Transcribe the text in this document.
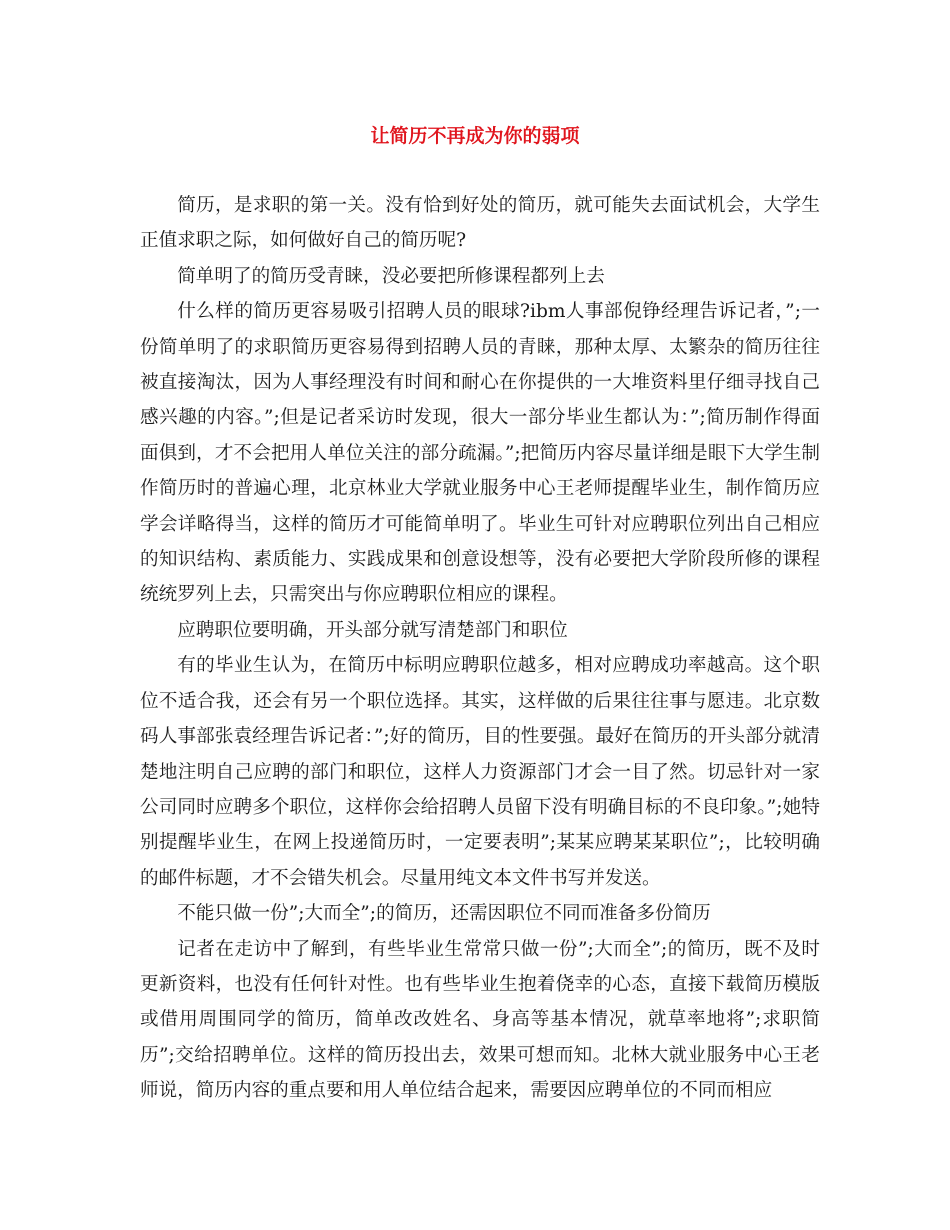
让简历不再成为你的弱项

简历，是求职的第一关。没有恰到好处的简历，就可能失去面试机会，大学生正值求职之际，如何做好自己的简历呢?

简单明了的简历受青睐，没必要把所修课程都列上去

什么样的简历更容易吸引招聘人员的眼球?ibm人事部倪铮经理告诉记者，”;一份简单明了的求职简历更容易得到招聘人员的青睐，那种太厚、太繁杂的简历往往被直接淘汰，因为人事经理没有时间和耐心在你提供的一大堆资料里仔细寻找自己感兴趣的内容。”;但是记者采访时发现，很大一部分毕业生都认为：”;简历制作得面面俱到，才不会把用人单位关注的部分疏漏。”;把简历内容尽量详细是眼下大学生制作简历时的普遍心理，北京林业大学就业服务中心王老师提醒毕业生，制作简历应学会详略得当，这样的简历才可能简单明了。毕业生可针对应聘职位列出自己相应的知识结构、素质能力、实践成果和创意设想等，没有必要把大学阶段所修的课程统统罗列上去，只需突出与你应聘职位相应的课程。

应聘职位要明确，开头部分就写清楚部门和职位

有的毕业生认为，在简历中标明应聘职位越多，相对应聘成功率越高。这个职位不适合我，还会有另一个职位选择。其实，这样做的后果往往事与愿违。北京数码人事部张袁经理告诉记者：”;好的简历，目的性要强。最好在简历的开头部分就清楚地注明自己应聘的部门和职位，这样人力资源部门才会一目了然。切忌针对一家公司同时应聘多个职位，这样你会给招聘人员留下没有明确目标的不良印象。”;她特别提醒毕业生，在网上投递简历时，一定要表明”;某某应聘某某职位”;，比较明确的邮件标题，才不会错失机会。尽量用纯文本文件书写并发送。

不能只做一份”;大而全”;的简历，还需因职位不同而准备多份简历

记者在走访中了解到，有些毕业生常常只做一份”;大而全”;的简历，既不及时更新资料，也没有任何针对性。也有些毕业生抱着侥幸的心态，直接下载简历模版或借用周围同学的简历，简单改改姓名、身高等基本情况，就草率地将”;求职简历”;交给招聘单位。这样的简历投出去，效果可想而知。北林大就业服务中心王老师说，简历内容的重点要和用人单位结合起来，需要因应聘单位的不同而相应
